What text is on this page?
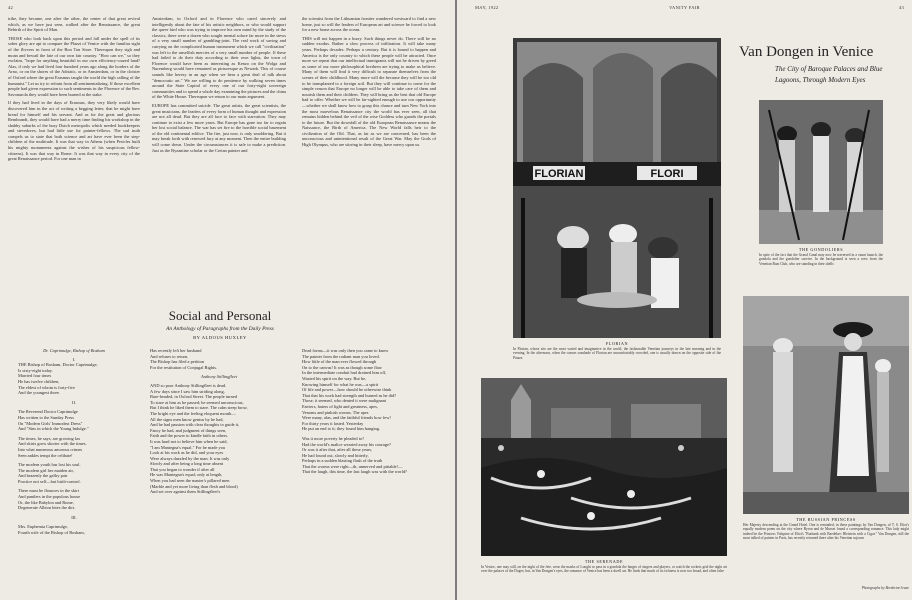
42

tribe, they became, one after the other, the center of that great revival which, as we have just seen, walked after the Renaissance, the great Rebirth of the Spirit of Man.

THOSE who look back upon this period and fall under the spell of its sober glory are apt to compare the Plazzi of Venice with the familiar sight of the flivvers in front of the Bon Ton Store. Thereupon they sigh and moan and bewail the fate of our own fair country. "How can we," so they exclaim, "hope for anything beautiful in our own efficiency-crazed land? Alas, if only we had lived four hundred years ago along the borders of the Arno, or on the shores of the Adriatic, or in Amsterdam, or in the cloister of Oxford where the great Erasmus taught the world the high calling of the humanist." Let us try to refrain from all sentimentalizing. If those excellent people had given expression to such sentiments in the Florence of the Rev. Savonarola they would have been burned at the stake.

If they had lived in the days of Erasmus, they very likely would have discovered him in the act of writing a begging letter, that he might have bread for himself and his servant. And as for the great and glorious Rembrandt, they would have had a merry time finding his workshop in the shabby suburbs of the busy Dutch metropolis which needed bookkeepers and stevedores, but had little use for painter-fellows. The sad truth compels us to state that both science and art have ever been the step-children of the multitude. It was that way in Athens (when Pericles built his mighty monuments against the wishes of his suspicious fellow-citizens). It was that way in Rome. It was that way in every city of the great Renaissance period. For one man in

Amsterdam, in Oxford and in Florence who cared sincerely and intelligently about the fate of his artistic neighbors, or who would support the queer bird who was trying to improve his own mind by the study of the classics, there were a dozen who sought mental solace far more in the stews of a very small number of gambling-joint. The real work of saving and carrying on the complicated human instrument which we call "civilization" was left to the unselfish mercies of a very small number of people. If these had failed to do their duty according to their own lights, the town of Florence would have been as interesting as Kenzo on the Wolga and Nuremberg would have remained as picturesque as Newark. This of course sounds like heresy in an age when we hear a great deal of talk about "democratic art." We are willing to do penitence by walking seven times around the State Capitol of every one of our forty-eight sovereign communities and to spend a whole day examining the pictures and the china of the White House. Thereupon we return to our main argument.

EUROPE has committed suicide. The great artists, the great scientists, the great musicians, the leaders of every form of human thought and expression are not all dead. But they are all face to face with starvation. They may continue to exist a few more years. But Europe has gone too far to regain her lost social balance. The war has set fire to the horrible social basement of the old continental edifice. The fire, just now, is only smoldering. But it may break forth with renewed fury at any moment. Then the entire building will come down. Under the circumstances it is safe to make a prediction. Just as the Byzantine scholar or the Cretan painter and

the scientist from the Lithuanian frontier wandered westward to find a new home, just so will the leaders of European art and science be forced to look for a new home across the ocean.

THIS will not happen in a hurry. Such things never do. There will be no sudden exodus. Rather a slow process of infiltration. It will take many years. Perhaps decades. Perhaps a century. But it is bound to happen and America is the only country to which these people will be attracted. Once more we repeat that our intellectual immigrants will not be driven by greed as some of our more philosophical brethren are trying to make us believe. Many of them will find it very difficult to separate themselves from the scenes of their childhood. Many more will die because they will be too old to be transplanted to a foreign soil. But they will continue to come for the simple reason that Europe no longer will be able to take care of them and nourish them and their children. They will bring us the best that old Europe had to offer. Whether we will be far-sighted enough to use our opportunity—whether we shall know how to grasp this chance and turn New York into the most marvelous Renaissance city the world has ever seen, all that remains hidden behind the veil of the wise Goddess who guards the portals to the future. But the downfall of the old European Renaissance means the Naissance, the Birth of America. The New World falls heir to the civilization of the Old. That, as far as we are concerned, has been the unconscious and unintentional result of the Great War. May the Gods of High Olympus, who are stirring in their sleep, have mercy upon us.

Social and Personal
An Anthology of Paragraphs from the Daily Press
BY ALDOUS HUXLEY
Dr. Caprimulge, Bishop of Bosham
I.
THE Bishop of Bosham, Doctor Caprimulge,
Is sixty-eight today.
Married four times
He has twelve children,
The eldest of whom is forty-five
And the youngest three.
II.
The Reverend Doctor Caprimulge
Has written to the Sunday Press
On "Modern Girls' Immodest Dress"
And "Sins in which the Young Indulge."
The times, he says, are growing lax
And skirts grow shorter with the times.
Into what numerous amorous crimes
Seen ankles tempt the celibate!
The modern youth has lost his soul.
The modern girl her maiden air,
And brazenly the gallry pair
Practice not self—but birth-control.
There must be flounces in the skirt
And pantlers in the populous house
Or, the like Babylon and Rome,
Degenerate Albion bites the dirt.
III.
Mrs. Euphemia Caprimulge,
Fourth wife of the Bishop of Bosham,
Has recently left her husband
And refuses to return.
The Bishop has filed a petition
For the restitution of Conjugal Rights.
Anthony Stillingfleet
AND so poor Anthony Stillingfleet is dead.
A few days since I saw him striding along,
Bare-headed, in Oxford Street. The people turned
To stare at him as he passed; he seemed unconscious,
But I think he liked them to stare. The calm steep brow,
The bright eye and the feeling eloquent mouth—
All the signs men know genius by he had,
And he had passion with clear thoughts to guide it,
Fancy he had, and judgment of things seen,
Faith and the power to kindle faith in others.
It was hard not to believe him when he said,
"I am Mantegna's equal." For he made you
Look at his work as he did, and your eyes
Were always dazzled by the man. It was only
Slowly and after being a long time absent
That you began to wonder if after all
He was Mantegna's equal; only at length,
When you had seen the master's pillared men
(Marble and yet more living than flesh and blood)
And set over against them Stillingfleet's
Dead forms—it was only then you came to know
The painter from the radiant man you loved.
How little of the man ever flowed through
On to the canvas! It was as though some flaw
In the intermediate conduit had drained him off,
Wasted his spirit on the way. But he,
Knowing himself for what he was—a spirit
Of life and power—how should he otherwise think
That that his work had strength and burned as he did?
Those, it seemed, who dented it were malignant
Enviers, haters of light and greatness, apes,
Venoms and pinkish worms. The apes
Were many, alas, and the faithful friends how few!
For thirty years it lasted. Yesterday
He put an end to it; they found him hanging.
Was it more poverty he pleaded to?
Had the world's malice wearied away his courage?
Or was it after that, after all these years,
He had found out, slowly and bitterly,
Perhaps in a sudden blasting flash of the truth
That the worms were right—th, unnerved and pitiable!—
That the laugh, this time, the last laugh was with the world?
MAY, 1922	VANITY FAIR	43
FLORIAN	FLORI
FLORIAN
In Florian, whose site are the most varied and imaginative in the world, the fashionable Venetian journeys in the late morning and in the evening. In the afternoon, when the canvas sunshade of Florian are uncomfortably crowded, one is usually drawn on the opposite side of the Piazza
Van Dongen in Venice
The City of Baroque Palaces and Blue Lagoons, Through Modern Eyes
THE GONDOLIERS
In spite of the fact that the Grand Canal may now be traversed in a vaunt launch, the gondola and the gondolier survive. In the background is seen a crew from the Venetian Boat Club, who are standing in their shells
THE SERENADE
In Venice, one may still, on the night of the fete, wear the masks of Longhi or pass in a gondola the barges of singers and players, or watch the rockets grid the night air over the palaces of the Doges; but, in Van Dongen's eyes, the romance of Venice has been a dwell art. He finds that much of its richness is now too broad, and often false
THE RUSSIAN PRINCESS
Her Majesty descending at the Grand Hotel. One is reminded, in these paintings by Van Dongen, of T. S. Eliot's equally modern poem on the city where Byron and de Musset found a corresponding romance. This lady might indeed be the Princess Volupine of Eliot's "Burbank with Baedeker: Bleistein with a Cigar." Van Dongen, still the most talked of painter in Paris, has recently returned there after his Venetian sojourn
Photographs by Bernheim-Jeune
